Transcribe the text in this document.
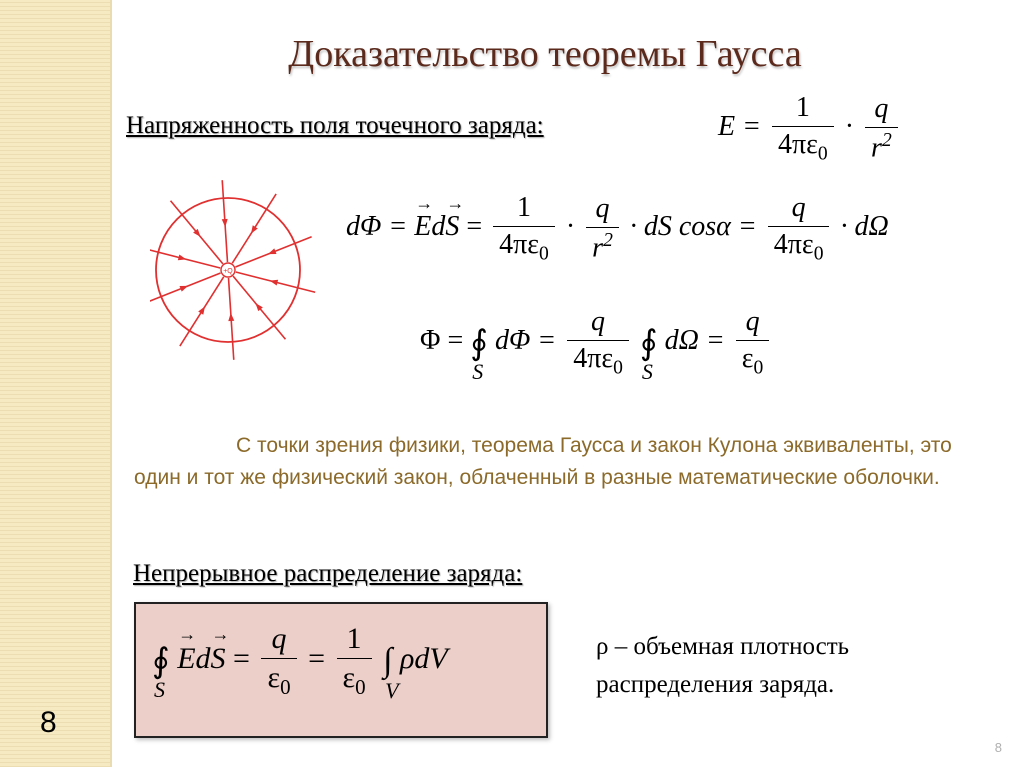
8
8
Доказательство теоремы Гаусса
Напряженность поля точечного заряда:	$E = \frac{1}{4\pi\varepsilon_0} \cdot \frac{q}{r^2}$
+Q
dΦ = → $Ed\to S = \frac{1}{4\pi\varepsilon_0} \cdot \frac{q}{r^2}$ · dS $\cos\alpha = \frac{q}{4\pi\varepsilon_0} \cdot d\Omega$
Φ = ∮
S
$d\Phi = \frac{q}{4\pi\varepsilon_0}$ ∮
S
$d\Omega = \frac{q}{\varepsilon_0}$
С точки зрения физики, теорема Гаусса и закон Кулона эквиваленты, это один и тот же физический закон, облаченный в разные математические оболочки.
Непрерывное распределение заряда:
∮
S
→ $Ed\to S = \frac{q}{\varepsilon_0} = \frac{1}{\varepsilon_0}$ ∫
V
ρdV	ρ – объемная плотность
распределения заряда.
